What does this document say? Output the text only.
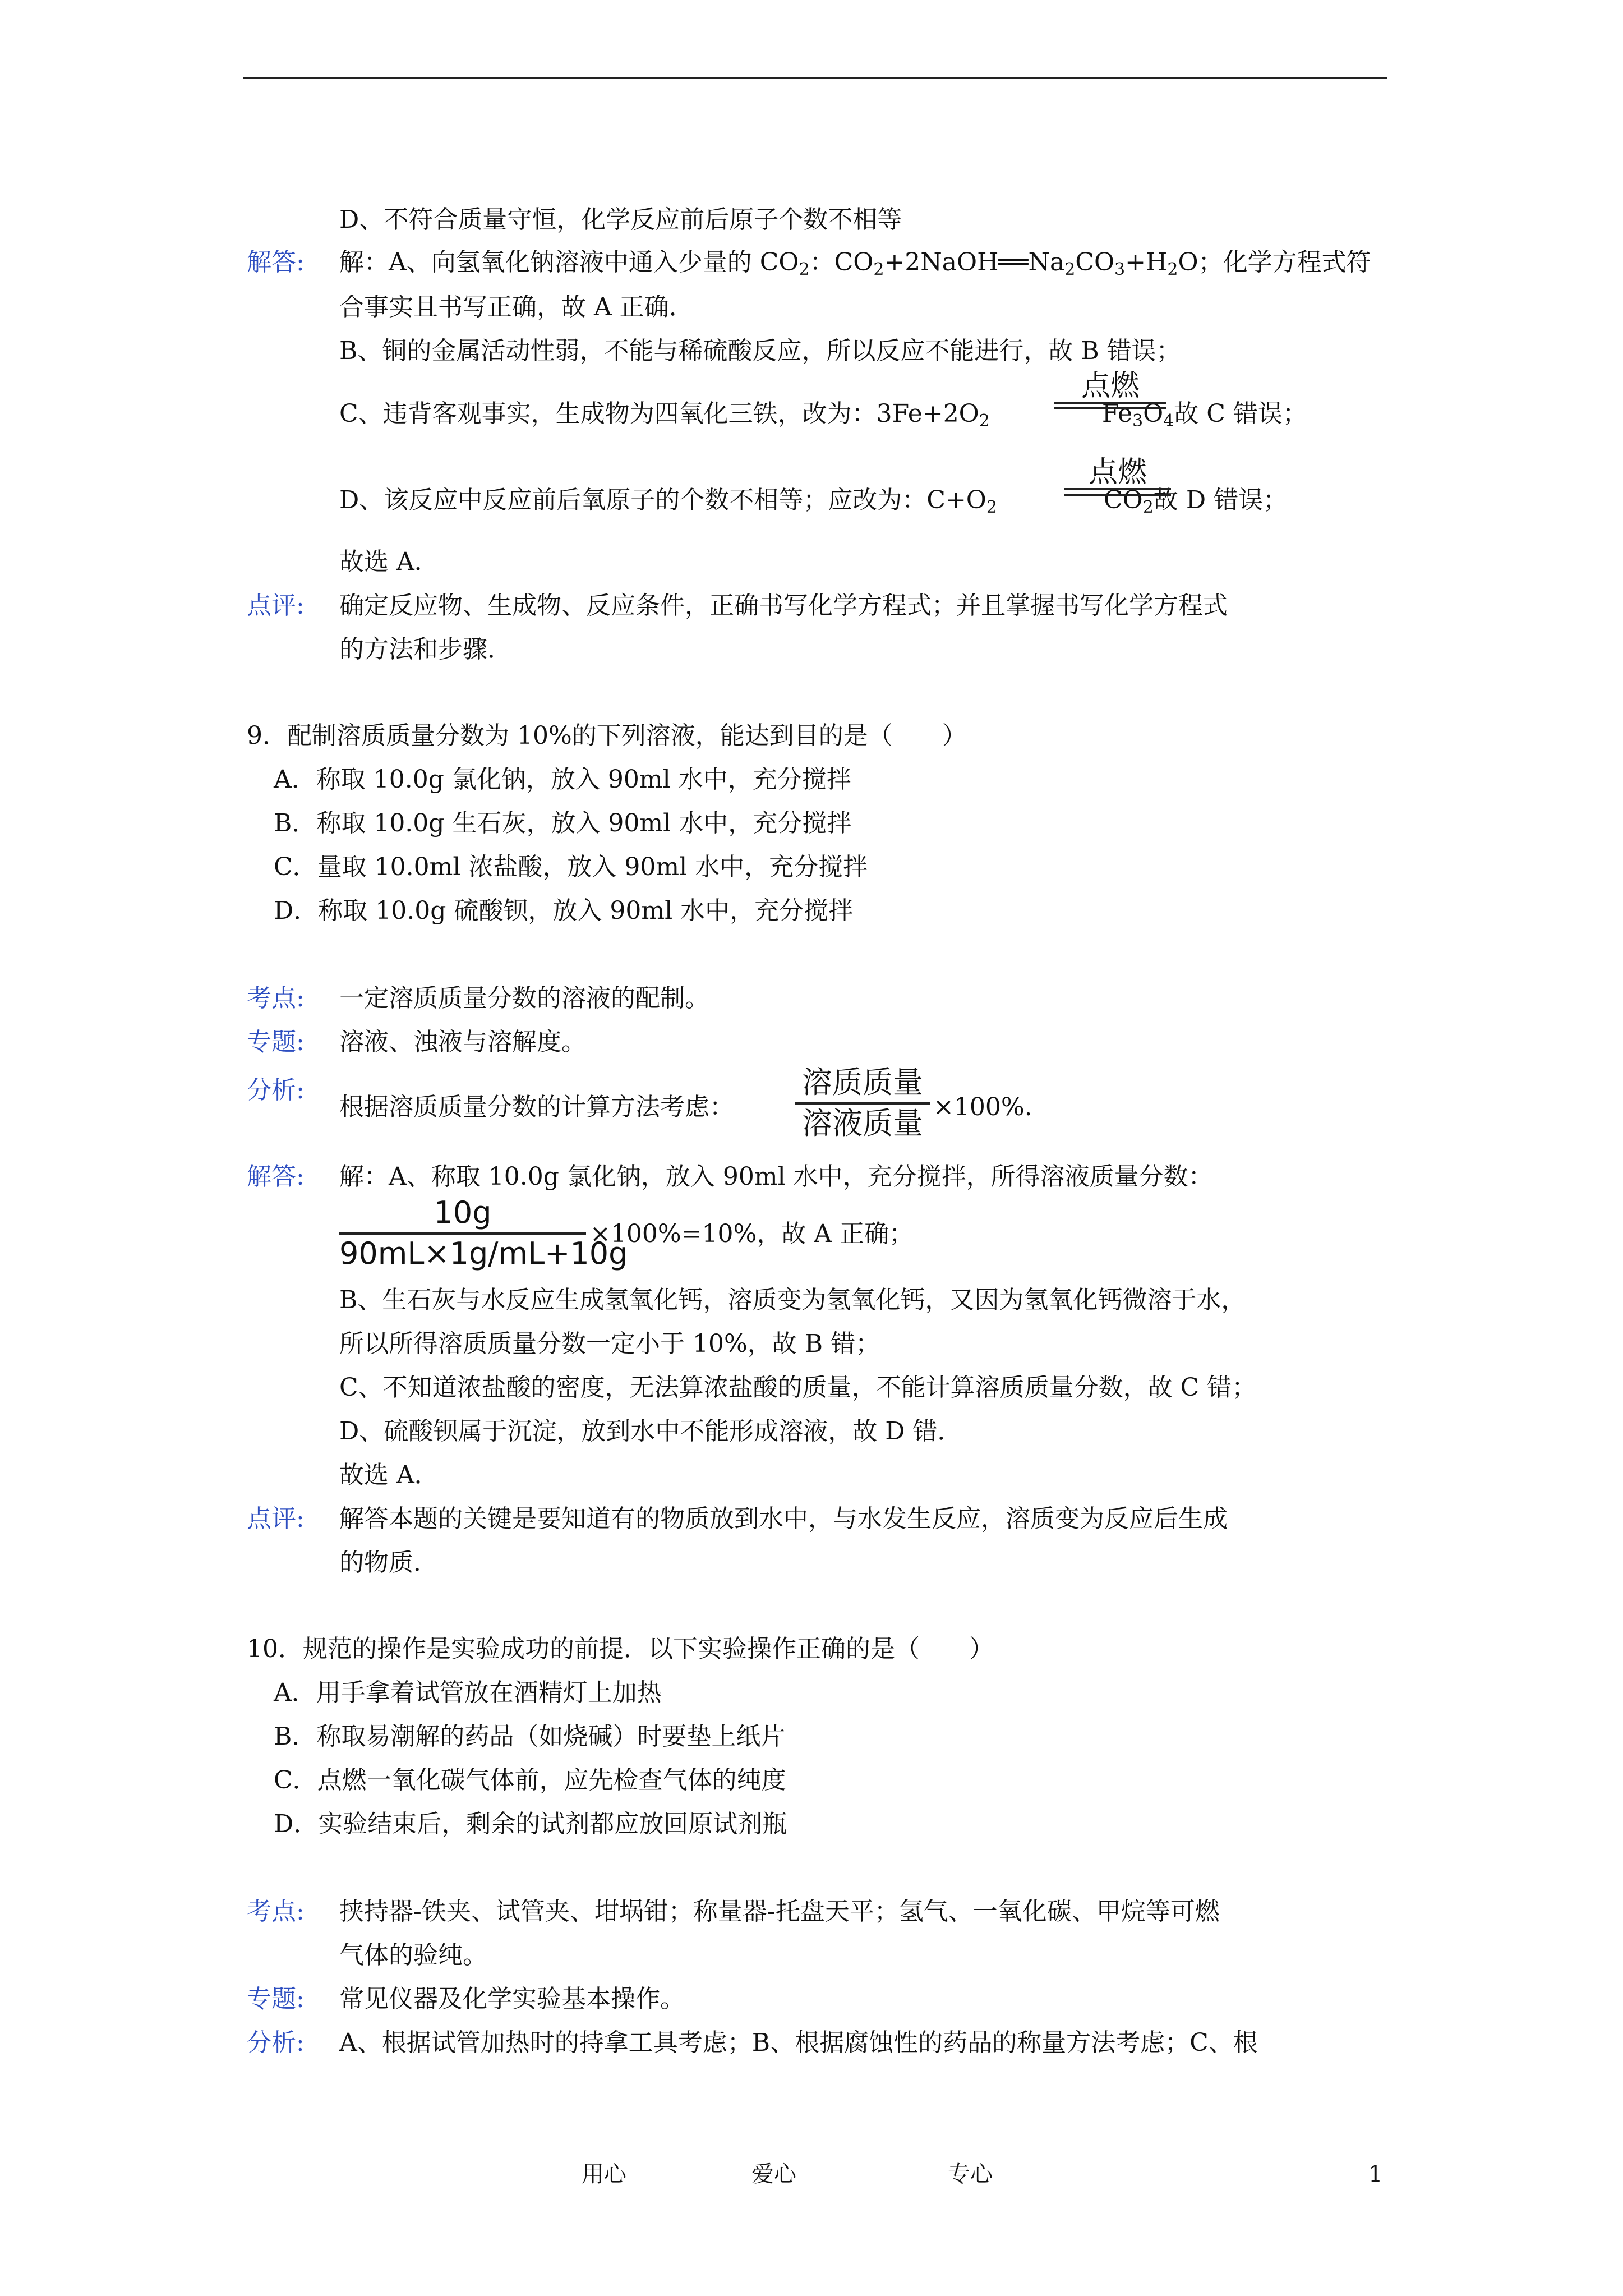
D、不符合质量守恒，化学反应前后原子个数不相等
解答: 解：A、向氢氧化钠溶液中通入少量的 $CO_2$：$CO_2+2NaOH══Na_2CO_3+H_2O$；化学方程式符
合事实且书写正确，故 A 正确．
B、铜的金属活动性弱，不能与稀硫酸反应，所以反应不能进行，故 B 错误；
C、违背客观事实，生成物为四氧化三铁，改为：$3Fe+2O_2$	$Fe_3O_4$故 C 错误；
点燃
D、该反应中反应前后氧原子的个数不相等；应改为：$C+O_2$	$CO_2$故 D 错误；
点燃
故选 A．
点评: 确定反应物、生成物、反应条件，正确书写化学方程式；并且掌握书写化学方程式
的方法和步骤．
9．配制溶质质量分数为 10%的下列溶液，能达到目的是（　　）
A．称取 10.0g 氯化钠，放入 90ml 水中，充分搅拌
B．称取 10.0g 生石灰，放入 90ml 水中，充分搅拌
C．量取 10.0ml 浓盐酸，放入 90ml 水中，充分搅拌
D．称取 10.0g 硫酸钡，放入 90ml 水中，充分搅拌
考点: 一定溶质质量分数的溶液的配制。
专题: 溶液、浊液与溶解度。
分析:
根据溶质质量分数的计算方法考虑：
溶质质量
溶液质量 ×100%.
解答: 解：A、称取 10.0g 氯化钠，放入 90ml 水中，充分搅拌，所得溶液质量分数：
10g
90mL×1g/mL+10g
×100%=10%，故 A 正确；
B、生石灰与水反应生成氢氧化钙，溶质变为氢氧化钙，又因为氢氧化钙微溶于水，
所以所得溶质质量分数一定小于 10%，故 B 错；
C、不知道浓盐酸的密度，无法算浓盐酸的质量，不能计算溶质质量分数，故 C 错；
D、硫酸钡属于沉淀，放到水中不能形成溶液，故 D 错．
故选 A．
点评: 解答本题的关键是要知道有的物质放到水中，与水发生反应，溶质变为反应后生成
的物质．
10．规范的操作是实验成功的前提．以下实验操作正确的是（　　）
A．用手拿着试管放在酒精灯上加热
B．称取易潮解的药品（如烧碱）时要垫上纸片
C．点燃一氧化碳气体前，应先检查气体的纯度
D．实验结束后，剩余的试剂都应放回原试剂瓶
考点: 挟持器-铁夹、试管夹、坩埚钳；称量器-托盘天平；氢气、一氧化碳、甲烷等可燃
气体的验纯。
专题: 常见仪器及化学实验基本操作。
分析: A、根据试管加热时的持拿工具考虑；B、根据腐蚀性的药品的称量方法考虑；C、根
用心	爱心	专心	1
